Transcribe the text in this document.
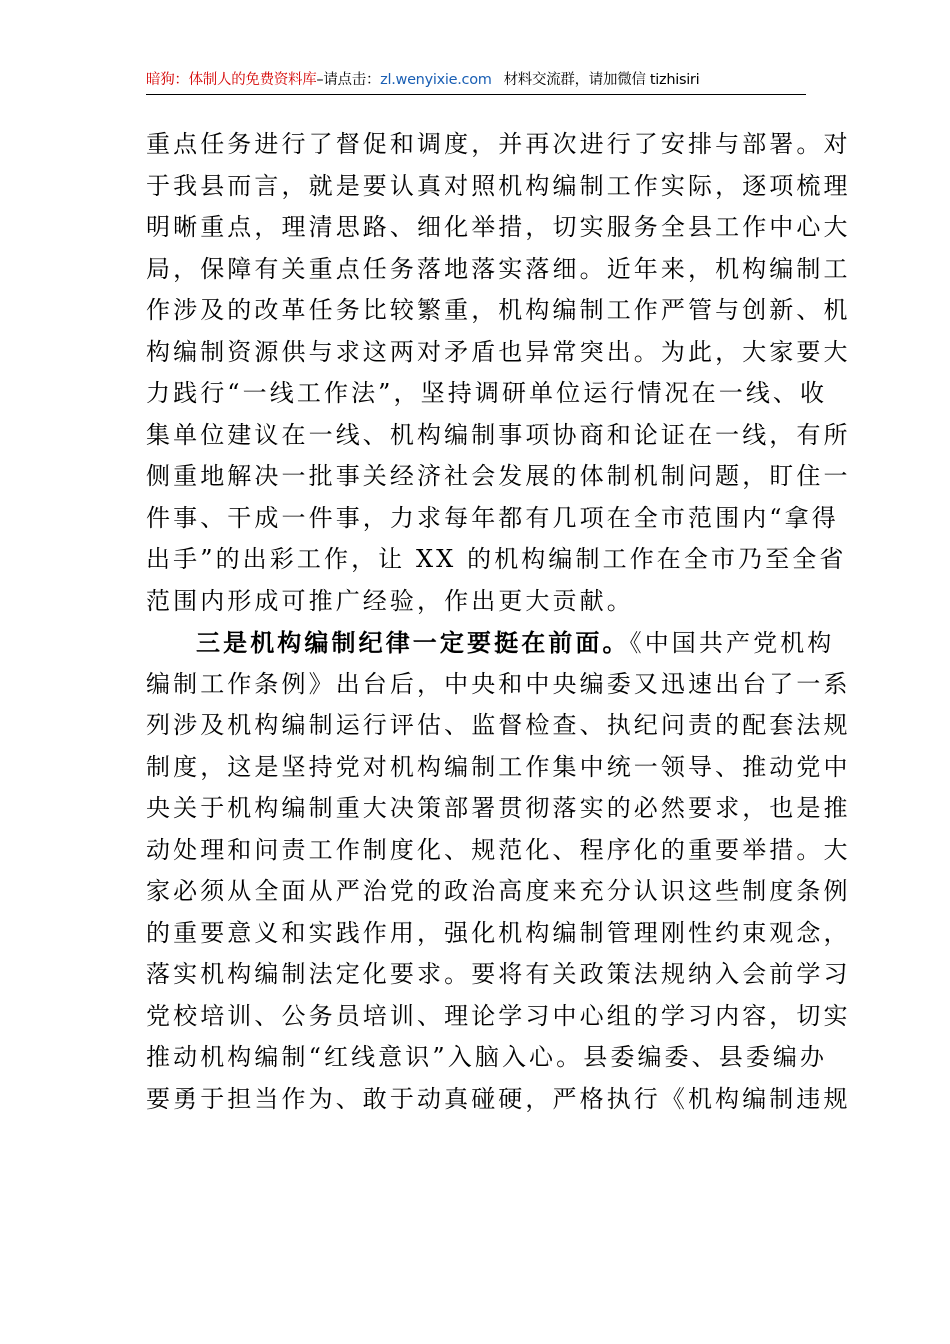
暗狗：体制人的免费资料库–请点击：zl.wenyixie.com 材料交流群，请加微信 tizhisiri
重点任务进行了督促和调度，并再次进行了安排与部署。对
于我县而言，就是要认真对照机构编制工作实际，逐项梳理
明晰重点，理清思路、细化举措，切实服务全县工作中心大
局，保障有关重点任务落地落实落细。近年来，机构编制工
作涉及的改革任务比较繁重，机构编制工作严管与创新、机
构编制资源供与求这两对矛盾也异常突出。为此，大家要大
力践行“一线工作法”，坚持调研单位运行情况在一线、收
集单位建议在一线、机构编制事项协商和论证在一线，有所
侧重地解决一批事关经济社会发展的体制机制问题，盯住一
件事、干成一件事，力求每年都有几项在全市范围内“拿得
出手”的出彩工作，让 XX 的机构编制工作在全市乃至全省
范围内形成可推广经验，作出更大贡献。
三是机构编制纪律一定要挺在前面。《中国共产党机构
编制工作条例》出台后，中央和中央编委又迅速出台了一系
列涉及机构编制运行评估、监督检查、执纪问责的配套法规
制度，这是坚持党对机构编制工作集中统一领导、推动党中
央关于机构编制重大决策部署贯彻落实的必然要求，也是推
动处理和问责工作制度化、规范化、程序化的重要举措。大
家必须从全面从严治党的政治高度来充分认识这些制度条例
的重要意义和实践作用，强化机构编制管理刚性约束观念，
落实机构编制法定化要求。要将有关政策法规纳入会前学习
党校培训、公务员培训、理论学习中心组的学习内容，切实
推动机构编制“红线意识”入脑入心。县委编委、县委编办
要勇于担当作为、敢于动真碰硬，严格执行《机构编制违规
